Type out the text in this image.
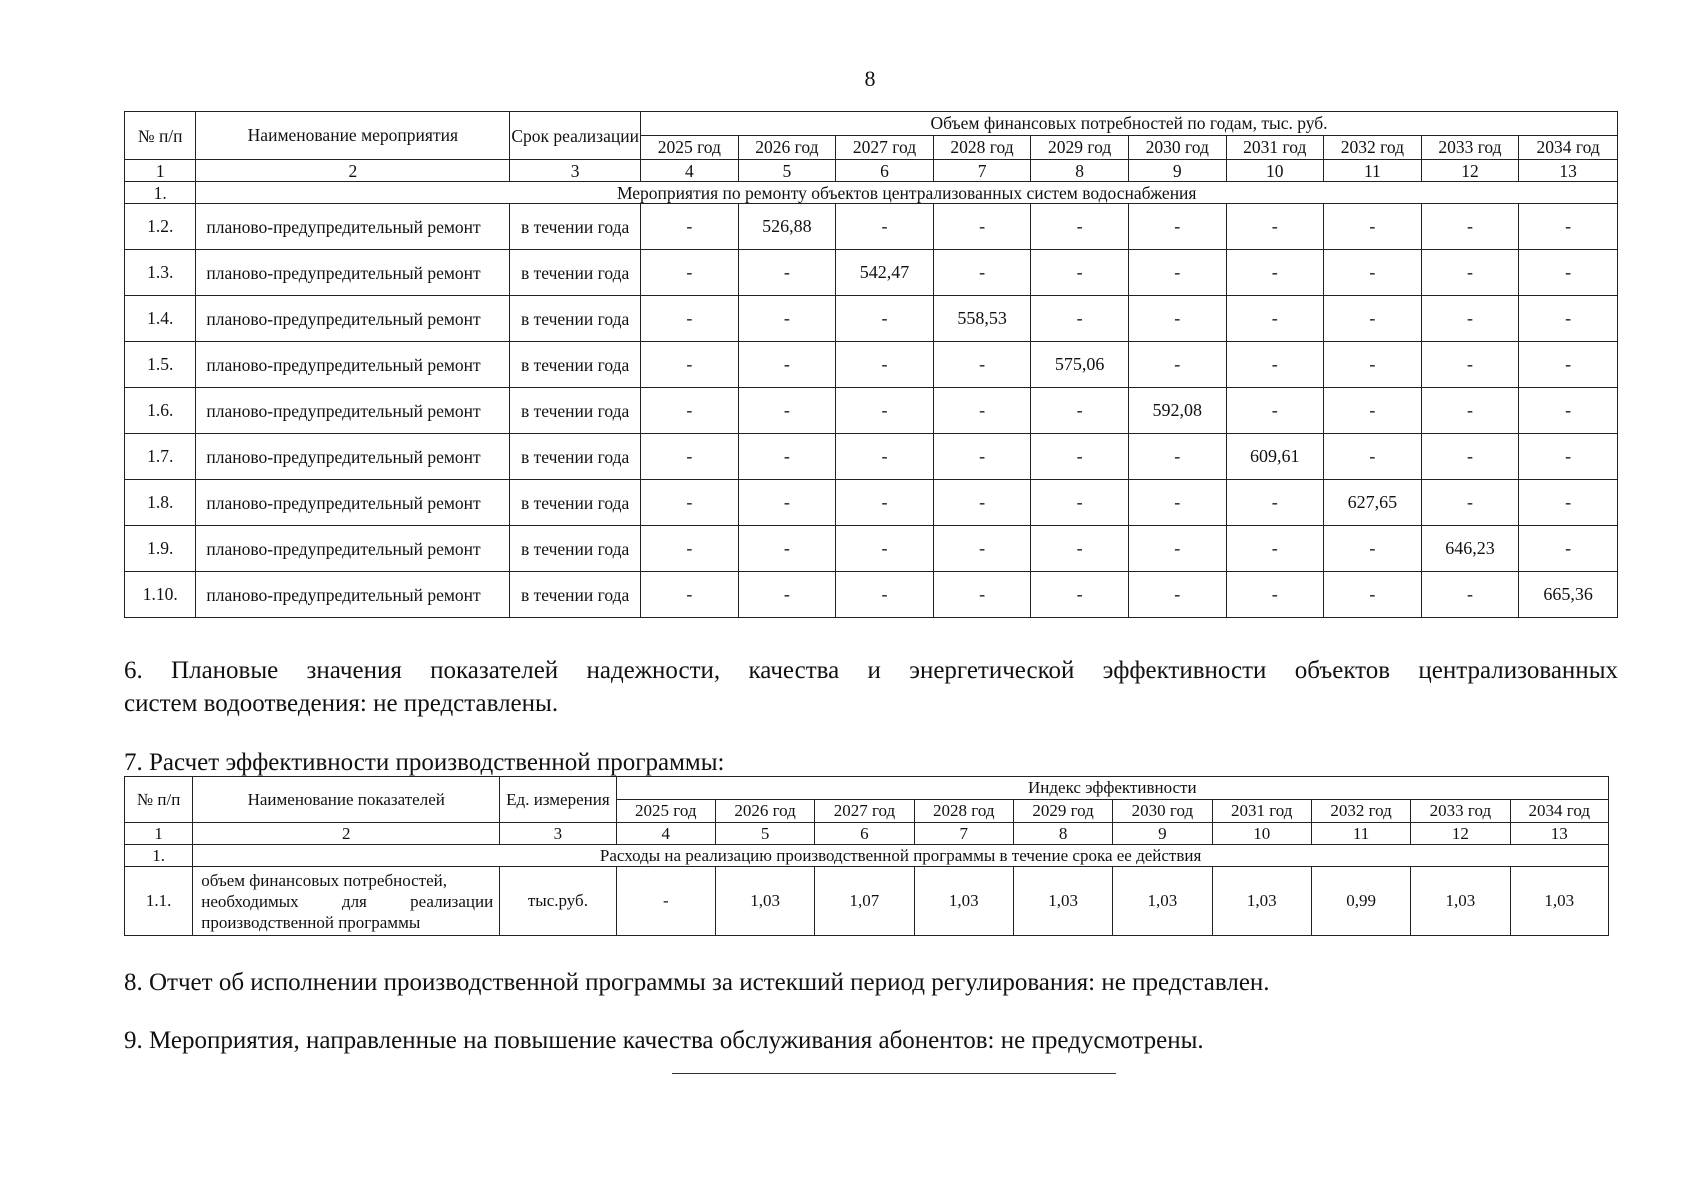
8
№ п/п	Наименование мероприятия	Срок реализации	Объем финансовых потребностей по годам, тыс. руб.									
			2025 год	2026 год	2027 год	2028 год	2029 год	2030 год	2031 год	2032 год	2033 год	2034 год
1	2	3	4	5	6	7	8	9	10	11	12	13
1.	Мероприятия по ремонту объектов централизованных систем водоснабжения											
1.2.	планово-предупредительный ремонт	в течении года	-	526,88	-	-	-	-	-	-	-	-
1.3.	планово-предупредительный ремонт	в течении года	-	-	542,47	-	-	-	-	-	-	-
1.4.	планово-предупредительный ремонт	в течении года	-	-	-	558,53	-	-	-	-	-	-
1.5.	планово-предупредительный ремонт	в течении года	-	-	-	-	575,06	-	-	-	-	-
1.6.	планово-предупредительный ремонт	в течении года	-	-	-	-	-	592,08	-	-	-	-
1.7.	планово-предупредительный ремонт	в течении года	-	-	-	-	-	-	609,61	-	-	-
1.8.	планово-предупредительный ремонт	в течении года	-	-	-	-	-	-	-	627,65	-	-
1.9.	планово-предупредительный ремонт	в течении года	-	-	-	-	-	-	-	-	646,23	-
1.10.	планово-предупредительный ремонт	в течении года	-	-	-	-	-	-	-	-	-	665,36
6. Плановые значения показателей надежности, качества и энергетической эффективности объектов централизованных
систем водоотведения: не представлены.
7. Расчет эффективности производственной программы:
№ п/п	Наименование показателей	Ед. измерения	Индекс эффективности									
			2025 год	2026 год	2027 год	2028 год	2029 год	2030 год	2031 год	2032 год	2033 год	2034 год
1	2	3	4	5	6	7	8	9	10	11	12	13
1.	Расходы на реализацию производственной программы в течение срока ее действия											
1.1.	объем финансовых потребностей,

необходимых для реализации
производственной программы	тыс.руб.	-	1,03	1,07	1,03	1,03	1,03	1,03	0,99	1,03	1,03
8. Отчет об исполнении производственной программы за истекший период регулирования: не представлен.
9. Мероприятия, направленные на повышение качества обслуживания абонентов: не предусмотрены.
